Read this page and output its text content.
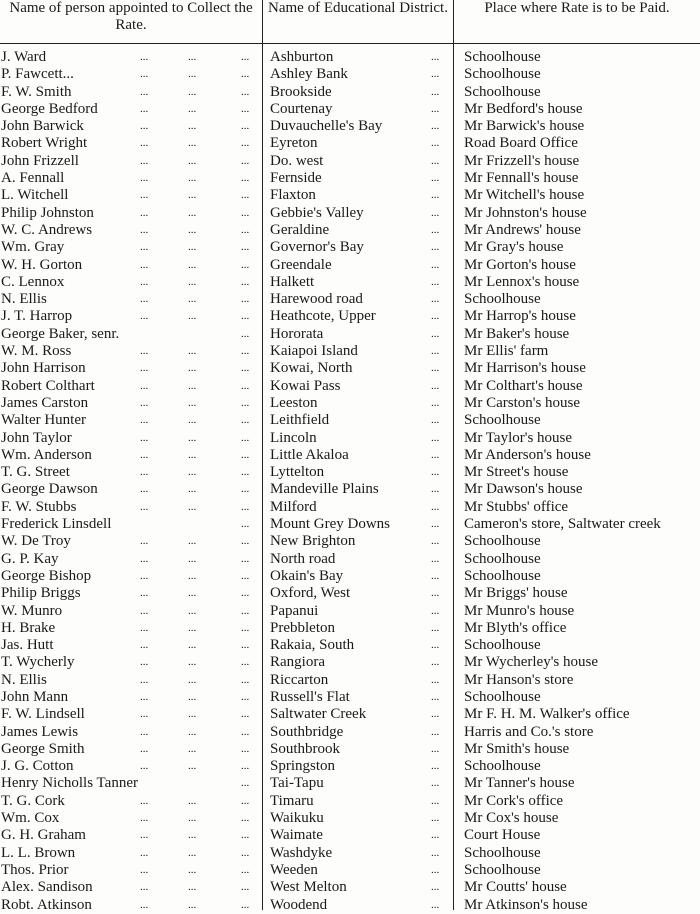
Name of person appointed to Collect the Rate.
Name of Educational District.	Place where Rate is to be Paid.
J. Ward	...	...	... Ashburton	... Schoolhouse
P. Fawcett...	...	...	... Ashley Bank	... Schoolhouse
F. W. Smith	...	...	... Brookside	... Schoolhouse
George Bedford	...	...	... Courtenay	... Mr Bedford's house
John Barwick	...	...	... Duvauchelle's Bay	... Mr Barwick's house
Robert Wright	...	...	... Eyreton	... Road Board Office
John Frizzell	...	...	... Do. west	... Mr Frizzell's house
A. Fennall	...	...	... Fernside	... Mr Fennall's house
L. Witchell	...	...	... Flaxton	... Mr Witchell's house
Philip Johnston	...	...	... Gebbie's Valley	... Mr Johnston's house
W. C. Andrews	...	...	... Geraldine	... Mr Andrews' house
Wm. Gray	...	...	... Governor's Bay	... Mr Gray's house
W. H. Gorton	...	...	... Greendale	... Mr Gorton's house
C. Lennox	...	...	... Halkett	... Mr Lennox's house
N. Ellis	...	...	... Harewood road	... Schoolhouse
J. T. Harrop	...	...	... Heathcote, Upper	... Mr Harrop's house
George Baker, senr.	... Hororata	... Mr Baker's house
W. M. Ross	...	...	... Kaiapoi Island	... Mr Ellis' farm
John Harrison	...	...	... Kowai, North	... Mr Harrison's house
Robert Colthart	...	...	... Kowai Pass	... Mr Colthart's house
James Carston	...	...	... Leeston	... Mr Carston's house
Walter Hunter	...	...	... Leithfield	... Schoolhouse
John Taylor	...	...	... Lincoln	... Mr Taylor's house
Wm. Anderson	...	...	... Little Akaloa	... Mr Anderson's house
T. G. Street	...	...	... Lyttelton	... Mr Street's house
George Dawson	...	...	... Mandeville Plains	... Mr Dawson's house
F. W. Stubbs	...	...	... Milford	... Mr Stubbs' office
Frederick Linsdell	... Mount Grey Downs	... Cameron's store, Saltwater creek
W. De Troy	...	...	... New Brighton	... Schoolhouse
G. P. Kay	...	...	... North road	... Schoolhouse
George Bishop	...	...	... Okain's Bay	... Schoolhouse
Philip Briggs	...	...	... Oxford, West	... Mr Briggs' house
W. Munro	...	...	... Papanui	... Mr Munro's house
H. Brake	...	...	... Prebbleton	... Mr Blyth's office
Jas. Hutt	...	...	... Rakaia, South	... Schoolhouse
T. Wycherly	...	...	... Rangiora	... Mr Wycherley's house
N. Ellis	...	...	... Riccarton	... Mr Hanson's store
John Mann	...	...	... Russell's Flat	... Schoolhouse
F. W. Lindsell	...	...	... Saltwater Creek	... Mr F. H. M. Walker's office
James Lewis	...	...	... Southbridge	... Harris and Co.'s store
George Smith	...	...	... Southbrook	... Mr Smith's house
J. G. Cotton	...	...	... Springston	... Schoolhouse
Henry Nicholls Tanner	... Tai-Tapu	... Mr Tanner's house
T. G. Cork	...	...	... Timaru	... Mr Cork's office
Wm. Cox	...	...	... Waikuku	... Mr Cox's house
G. H. Graham	...	...	... Waimate	... Court House
L. L. Brown	...	...	... Washdyke	... Schoolhouse
Thos. Prior	...	...	... Weeden	... Schoolhouse
Alex. Sandison	...	...	... West Melton	... Mr Coutts' house
Robt. Atkinson	...	...	... Woodend	... Mr Atkinson's house
